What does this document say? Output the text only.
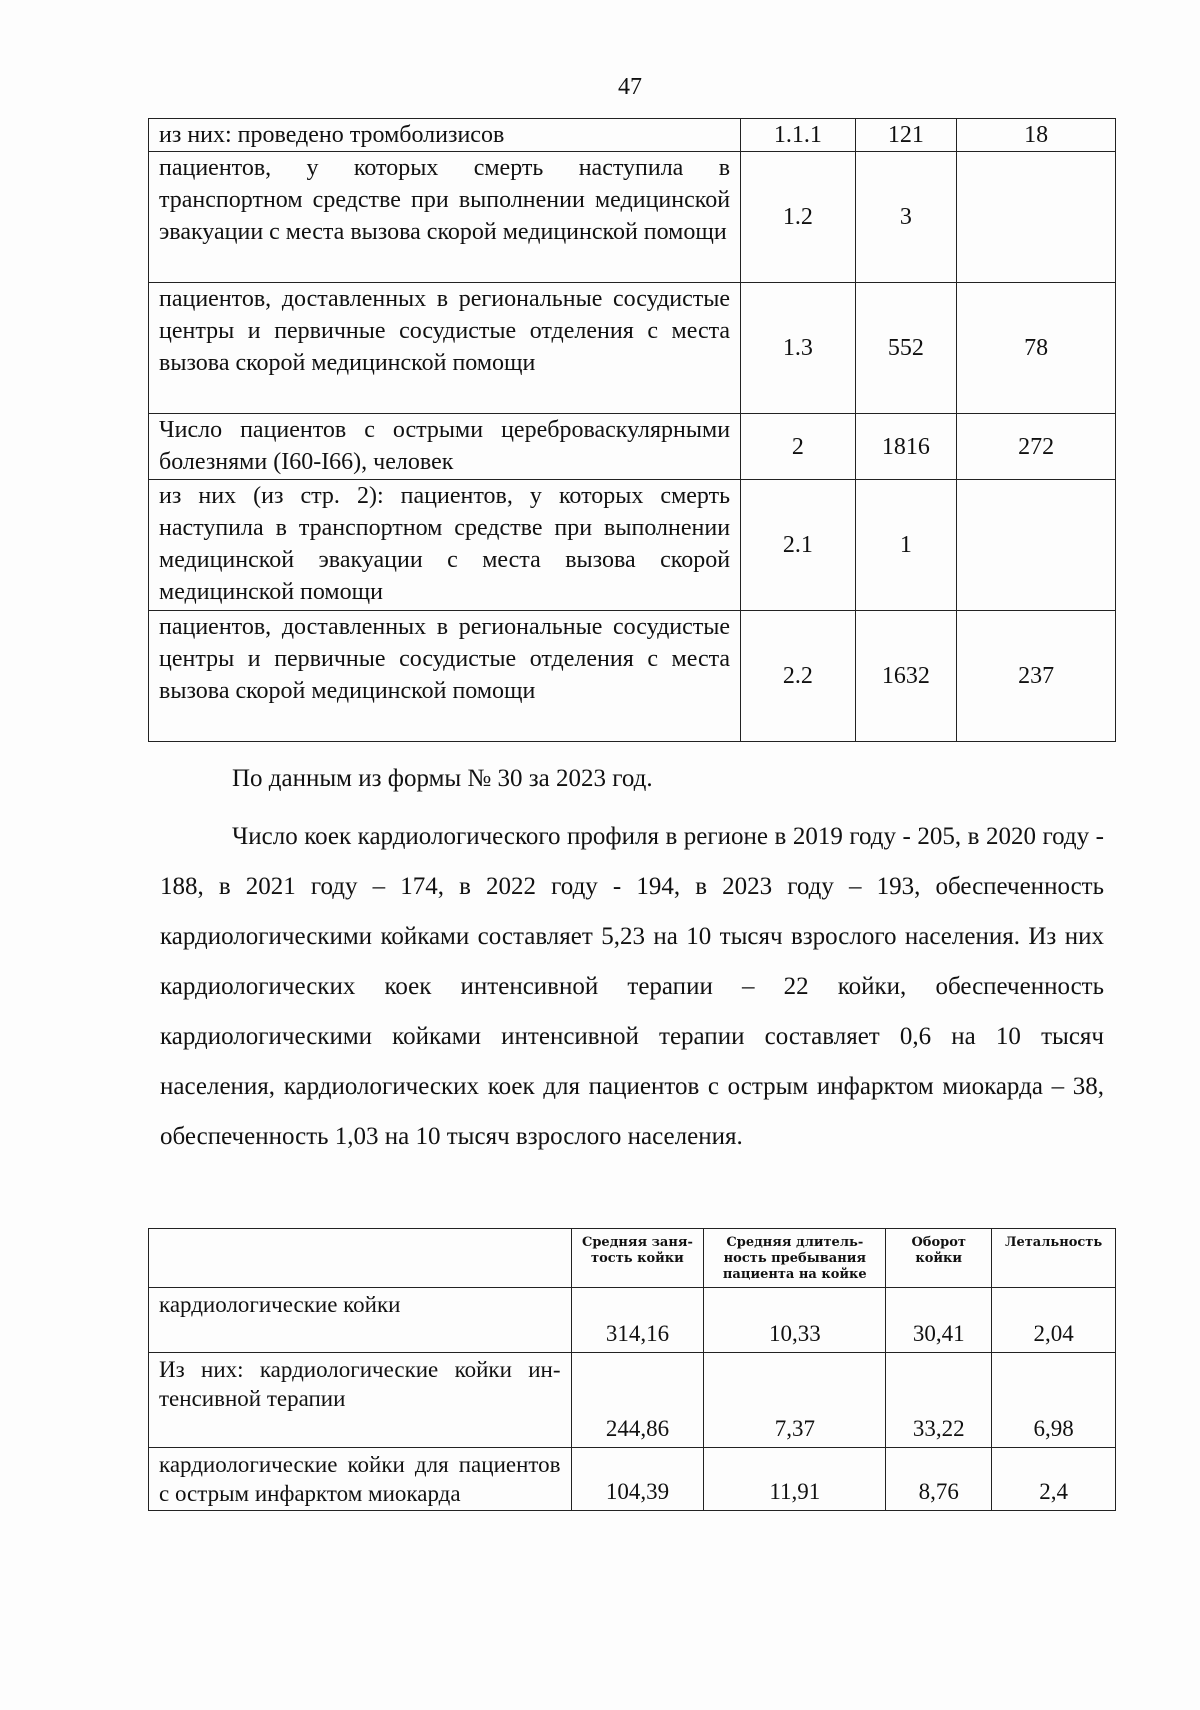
47
из них: проведено тромболизисов	1.1.1	121	18
пациентов, у которых смерть наступила в транспортном средстве при выполнении медицинской эвакуации с места вызова скорой медицинской помощи	1.2	3	
пациентов, доставленных в региональные сосудистые центры и первичные сосудистые отделения с места вызова скорой медицинской помощи	1.3	552	78
Число пациентов с острыми цереброваскулярными болезнями (I60-I66), человек	2	1816	272
из них (из стр. 2): пациентов, у которых смерть наступила в транспортном средстве при выполнении медицинской эвакуации с места вызова скорой медицинской помощи	2.1	1	
пациентов, доставленных в региональные сосудистые центры и первичные сосудистые отделения с места вызова скорой медицинской помощи	2.2	1632	237
По данным из формы № 30 за 2023 год.

Число коек кардиологического профиля в регионе в 2019 году - 205, в 2020 году - 188, в 2021 году – 174, в 2022 году - 194, в 2023 году – 193, обеспеченность кардиологическими койками составляет 5,23 на 10 тысяч взрослого населения. Из них кардиологических коек интенсивной терапии – 22 койки, обеспеченность кардиологическими койками интенсивной терапии составляет 0,6 на 10 тысяч населения, кардиологических коек для пациентов с острым инфарктом миокарда – 38, обеспеченность 1,03 на 10 тысяч взрослого населения.

	Средняя занятость койки	Средняя длительность пребывания пациента на койке	Оборот койки	Летальность
кардиологические койки	314,16	10,33	30,41	2,04
Из них: кардиологические койки интенсивной терапии	244,86	7,37	33,22	6,98
кардиологические койки для пациентов с острым инфарктом миокарда	104,39	11,91	8,76	2,4
